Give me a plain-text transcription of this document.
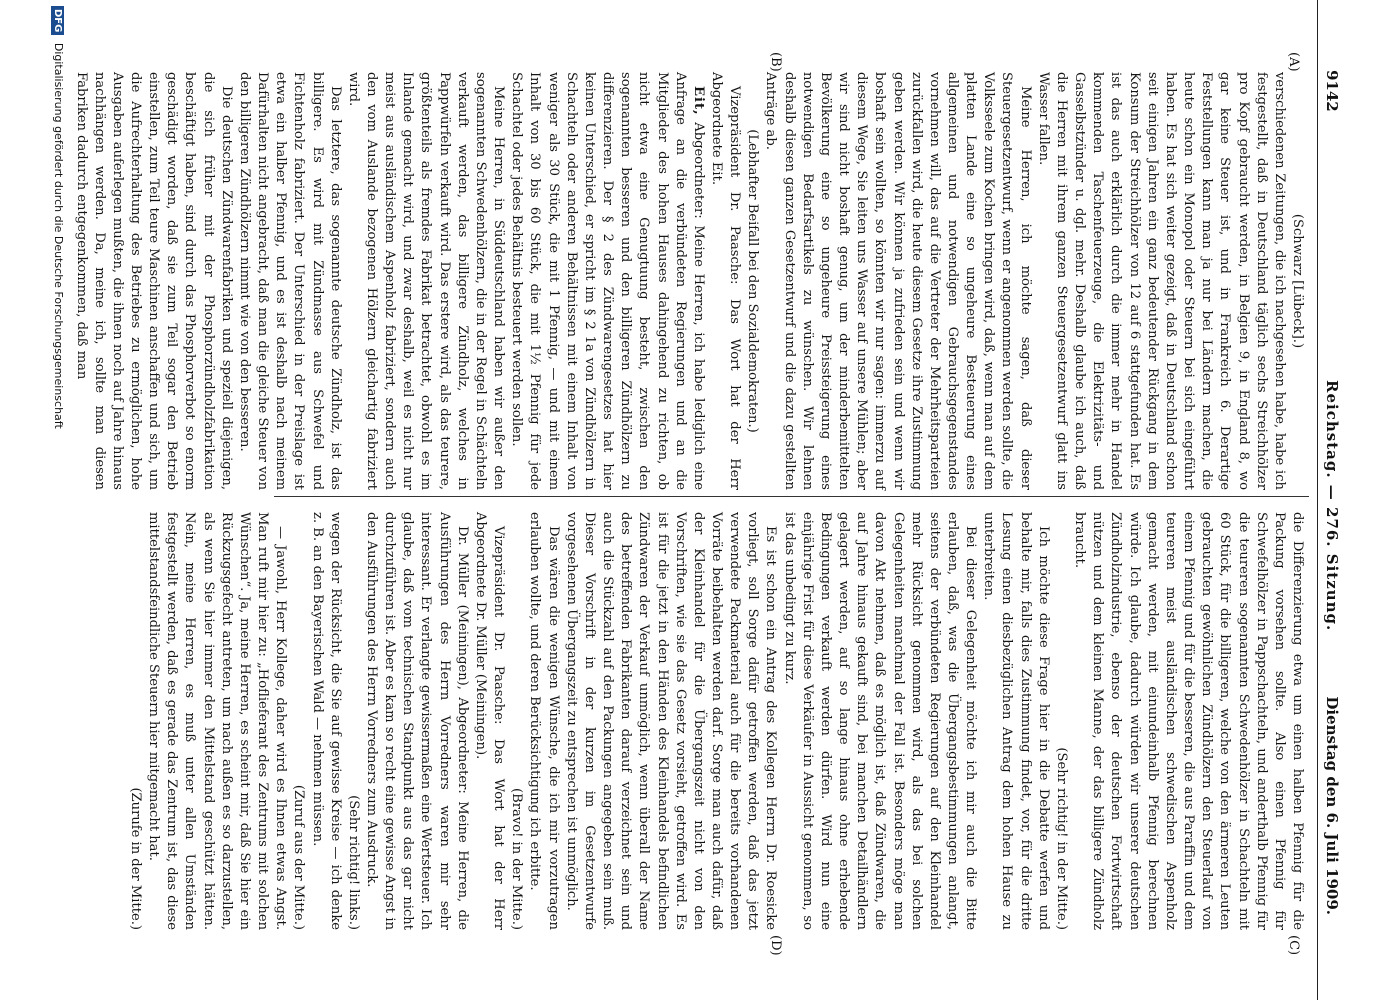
9142
Reichstag. — 276. Sitzung.
Dienstag den 6. Juli 1909.
(A)
(B)
(C)
(D)

(Schwarz [Lübeck].)

verschiedenen Zeitungen, die ich nachgesehen habe, habe ich festgestellt, daß in Deutschland täglich sechs Streichhölzer pro Kopf gebraucht werden, in Belgien 9, in England 8, wo gar keine Steuer ist, und in Frankreich 6. Derartige Feststellungen kann man ja nur bei Ländern machen, die heute schon ein Monopol oder Steuern bei sich eingeführt haben. Es hat sich weiter gezeigt, daß in Deutschland schon seit einigen Jahren ein ganz bedeutender Rückgang in dem Konsum der Streichhölzer von 12 auf 6 stattgefunden hat. Es ist das auch erklärlich durch die immer mehr in Handel kommenden Taschenfeuerzeuge, die Elektrizitäts- und Gasselbstzünder u. dgl. mehr. Deshalb glaube ich auch, daß die Herren mit ihrem ganzen Steuergesetzentwurf glatt ins Wasser fallen.

Meine Herren, ich möchte sagen, daß dieser Steuergesetzentwurf, wenn er angenommen werden sollte, die Volksseele zum Kochen bringen wird, daß, wenn man auf dem platten Lande eine so ungeheure Besteuerung eines allgemeinen und notwendigen Gebrauchsgegenstandes vornehmen will, das auf die Vertreter der Mehrheitsparteien zurückfallen wird, die heute diesem Gesetze ihre Zustimmung geben werden. Wir können ja zufrieden sein und wenn wir boshaft sein wollten, so könnten wir nur sagen: immerzu auf diesem Wege, Sie leiten uns Wasser auf unsere Mühlen; aber wir sind nicht boshaft genug, um der minderbemittelten Bevölkerung eine so ungeheure Preissteigerung eines notwendigen Bedarfsartikels zu wünschen. Wir lehnen deshalb diesen ganzen Gesetzentwurf und die dazu gestellten Anträge ab.

(Lebhafter Beifall bei den Sozialdemokraten.)

Vizepräsident Dr. Paasche: Das Wort hat der Herr Abgeordnete Eit.

Eit, Abgeordneter: Meine Herren, ich habe lediglich eine Anfrage an die verbündeten Regierungen und an die Mitglieder des hohen Hauses dahingehend zu richten, ob nicht etwa eine Genugtuung besteht, zwischen den sogenannten besseren und den billigeren Zündhölzern zu differenzieren. Der § 2 des Zündwarengesetzes hat hier keinen Unterschied, er spricht im § 2 1a von Zündhölzern in Schachteln oder anderen Behältnissen mit einem Inhalt von weniger als 30 Stück, die mit 1 Pfennig, — und mit einem Inhalt von 30 bis 60 Stück, die mit 1½ Pfennig für jede Schachtel oder jedes Behältnis besteuert werden sollen.

Meine Herren, in Süddeutschland haben wir außer den sogenannten Schwedenhölzern, die in der Regel in Schächteln verkauft werden, das billigere Zündholz, welches in Pappwürfeln verkauft wird. Das erstere wird, als das teurere, größtenteils als fremdes Fabrikat betrachtet, obwohl es im Inlande gemacht wird, und zwar deshalb, weil es nicht nur meist aus ausländischem Aspenholz fabriziert, sondern auch den vom Auslande bezogenen Hölzern gleichartig fabriziert wird.

Das letztere, das sogenannte deutsche Zündholz, ist das billigere. Es wird mit Zündmasse aus Schwefel und Fichtenholz fabriziert. Der Unterschied in der Preislage ist etwa ein halber Pfennig, und es ist deshalb nach meinem Dafürhalten nicht angebracht, daß man die gleiche Steuer von den billigeren Zündhölzern nimmt wie von den besseren.

Die deutschen Zündwarenfabriken und speziell diejenigen, die sich früher mit der Phosphorzündholzfabrikation beschäftigt haben, sind durch das Phosphorverbot so enorm geschädigt worden, daß sie zum Teil sogar den Betrieb einstellen, zum Teil teure Maschinen anschaffen und sich, um die Aufrechterhaltung des Betriebes zu ermöglichen, hohe Ausgaben auferlegen mußten, die ihnen noch auf Jahre hinaus nachhängen werden. Da, meine ich, sollte man diesen Fabriken dadurch entgegenkommen, daß man

die Differenzierung etwa um einen halben Pfennig für die Packung vorsehen sollte. Also einen Pfennig für Schwefelhölzer in Pappschachteln, und anderthalb Pfennig für die teureren sogenannten Schwedenhölzer in Schachteln mit 60 Stück, für die billigeren, welche von den ärmeren Leuten gebrauchten gewöhnlichen Zündhölzern den Steuerlauf von einem Pfennig und für die besseren, die aus Paraffin und dem teureren meist ausländischen schwedischen Aspenholz gemacht werden, mit einundeinhalb Pfennig berechnen würde. Ich glaube, dadurch würden wir unserer deutschen Zündholzindustrie, ebenso der deutschen Fortwirtschaft nützen und dem kleinen Manne, der das billigere Zündholz braucht.

(Sehr richtig! in der Mitte.)

Ich möchte diese Frage hier in die Debatte werfen und behalte mir, falls dies Zustimmung findet, vor, für die dritte Lesung einen diesbezüglichen Antrag dem hohen Hause zu unterbreiten.

Bei dieser Gelegenheit möchte ich mir auch die Bitte erlauben, daß, was die Übergangsbestimmungen anlangt, seitens der verbündeten Regierungen auf den Kleinhandel mehr Rücksicht genommen wird, als das bei solchen Gelegenheiten manchmal der Fall ist. Besonders möge man davon Akt nehmen, daß es möglich ist, daß Zündwaren, die auf Jahre hinaus gekauft sind, bei manchen Detailhändlern gelagert werden, auf so lange hinaus ohne erhebende Bedingungen verkauft werden dürfen. Wird nun eine einjährige Frist für diese Verkäufer in Aussicht genommen, so ist das unbedingt zu kurz.

Es ist schon ein Antrag des Kollegen Herrn Dr. Roesicke vorliegt, soll Sorge dafür getroffen werden, daß das jetzt verwendete Packmaterial auch für die bereits vorhandenen Vorräte beibehalten werden darf. Sorge man auch dafür, daß der Kleinhandel für die Übergangszeit nicht von den Vorschriften, wie sie das Gesetz vorsieht, getroffen wird. Es ist für die jetzt in den Händen des Kleinhandels befindlichen Zündwaren der Verkauf unmöglich, wenn überall der Name des betreffenden Fabrikanten darauf verzeichnet sein und auch die Stückzahl auf den Packungen angegeben sein muß. Dieser Vorschrift in der kurzen im Gesetzentwurfe vorgesehenen Übergangszeit zu entsprechen ist unmöglich.

Das wären die wenigen Wünsche, die ich mir vorzutragen erlauben wollte, und deren Berücksichtigung ich erbitte.

(Bravo! in der Mitte.)

Vizepräsident Dr. Paasche: Das Wort hat der Herr Abgeordnete Dr. Müller (Meiningen).

Dr. Müller (Meiningen), Abgeordneter: Meine Herren, die Ausführungen des Herrn Vorredners waren mir sehr interessant. Er verlangte gewissermaßen eine Wertsteuer. Ich glaube, daß vom technischen Standpunkt aus das gar nicht durchzuführen ist. Aber es kam so recht eine gewisse Angst in den Ausführungen des Herrn Vorredners zum Ausdruck.

(Sehr richtig! links.)

wegen der Rücksicht, die Sie auf gewisse Kreise — ich denke z. B. an den Bayerischen Wald — nehmen müssen.

(Zuruf aus der Mitte.)

— Jawohl, Herr Kollege, daher wird es Ihnen etwas Angst. Man ruft mir hier zu: „Hoflieferant des Zentrums mit solchen Wünschen“. Ja, meine Herren, es scheint mir, daß Sie hier ein Rückzugsgefecht antreten, um nach außen es so darzustellen, als wenn Sie hier immer den Mittelstand geschützt hätten. Nein, meine Herren, es muß unter allen Umständen festgestellt werden, daß es gerade das Zentrum ist, das diese mittelstandsfeindliche Steuern hier mitgemacht hat.

(Zurufe in der Mitte.)

DFG Digitalisierung gefördert durch die Deutsche Forschungsgemeinschaft
